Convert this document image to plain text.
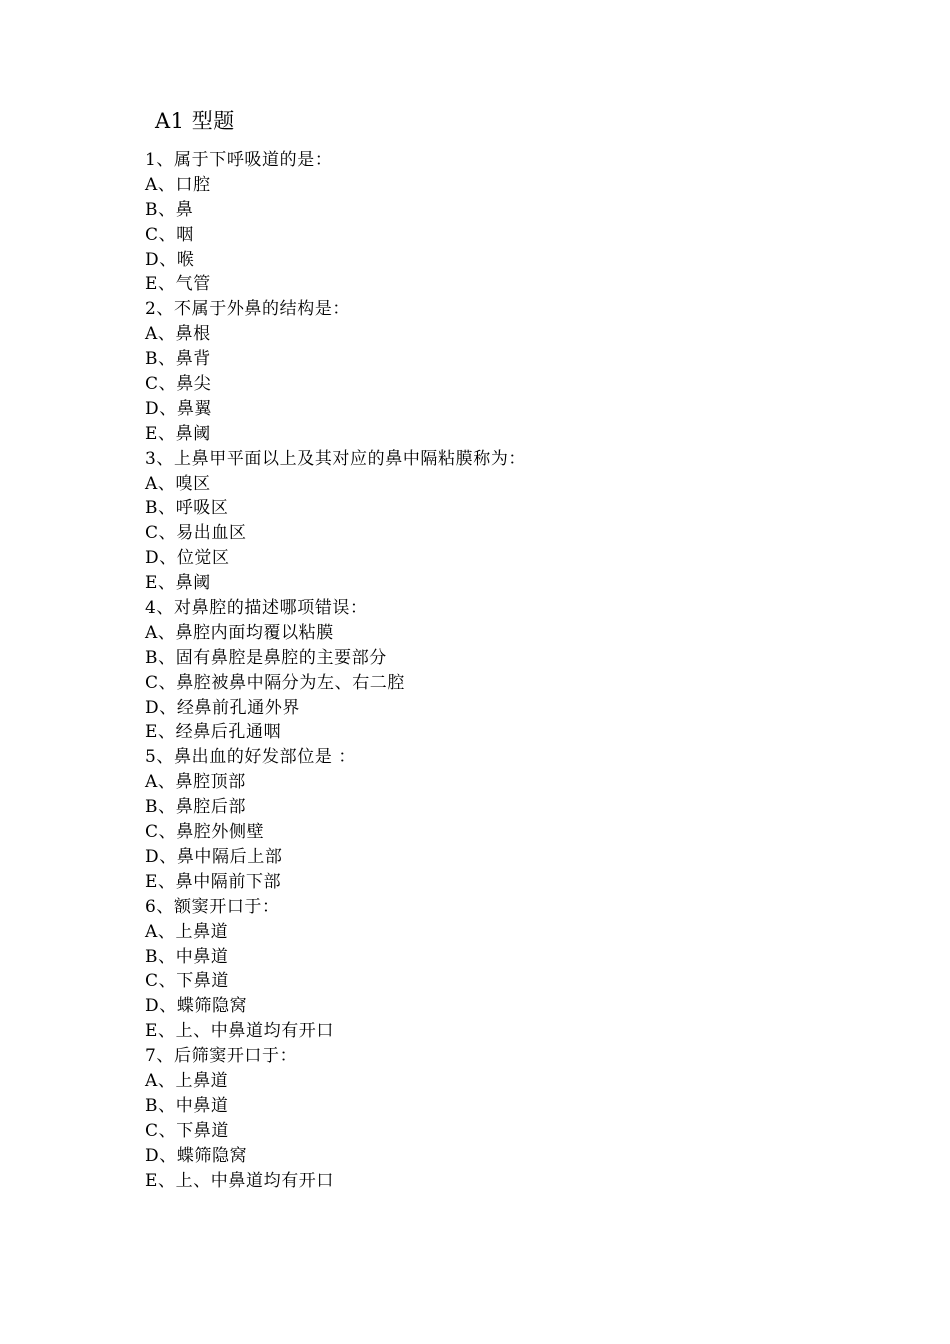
A1 型题
1、属于下呼吸道的是：
A、口腔
B、鼻
C、咽
D、喉
E、气管
2、不属于外鼻的结构是：
A、鼻根
B、鼻背
C、鼻尖
D、鼻翼
E、鼻阈
3、上鼻甲平面以上及其对应的鼻中隔粘膜称为：
A、嗅区
B、呼吸区
C、易出血区
D、位觉区
E、鼻阈
4、对鼻腔的描述哪项错误：
A、鼻腔内面均覆以粘膜
B、固有鼻腔是鼻腔的主要部分
C、鼻腔被鼻中隔分为左、右二腔
D、经鼻前孔通外界
E、经鼻后孔通咽
5、鼻出血的好发部位是 ：
A、鼻腔顶部
B、鼻腔后部
C、鼻腔外侧壁
D、鼻中隔后上部
E、鼻中隔前下部
6、额窦开口于：
A、上鼻道
B、中鼻道
C、下鼻道
D、蝶筛隐窝
E、上、中鼻道均有开口
7、后筛窦开口于：
A、上鼻道
B、中鼻道
C、下鼻道
D、蝶筛隐窝
E、上、中鼻道均有开口
